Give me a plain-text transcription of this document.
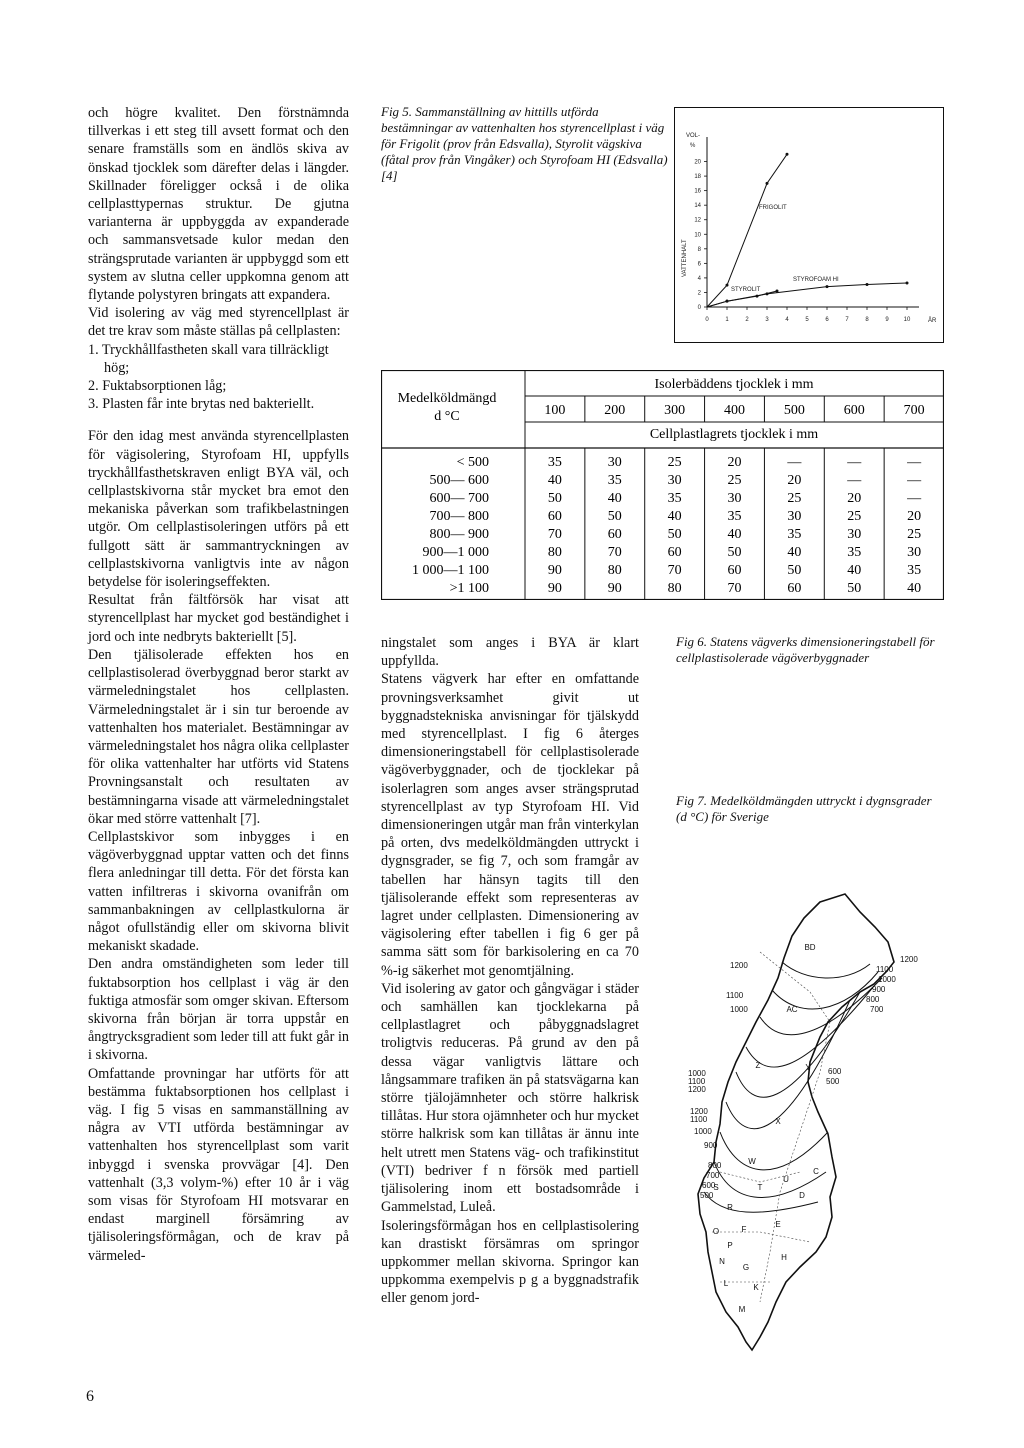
och högre kvalitet. Den förstnämnda tillverkas i ett steg till avsett format och den senare framställs som en ändlös skiva av önskad tjocklek som därefter delas i längder. Skillnader föreligger också i de olika cellplasttypernas struktur. De gjutna varianterna är uppbyggda av expanderade och sammansvetsade kulor medan den strängsprutade varianten är uppbyggd som ett system av slutna celler uppkomna genom att flytande polystyren bringats att expandera.

Vid isolering av väg med styrencellplast är det tre krav som måste ställas på cellplasten:

1. Tryckhållfastheten skall vara tillräckligt hög;
2. Fuktabsorptionen låg;
3. Plasten får inte brytas ned bakteriellt.

För den idag mest använda styrencellplasten för vägisolering, Styrofoam HI, uppfylls tryckhållfasthetskraven enligt BYA väl, och cellplastskivorna står mycket bra emot den mekaniska påverkan som trafikbelastningen utgör. Om cellplastisoleringen utförs på ett fullgott sätt är sammantryckningen av cellplastskivorna vanligtvis inte av någon betydelse för isoleringseffekten.

Resultat från fältförsök har visat att styrencellplast har mycket god beständighet i jord och inte nedbryts bakteriellt [5].

Den tjälisolerade effekten hos en cellplastisolerad överbyggnad beror starkt av värmeledningstalet hos cellplasten. Värmeledningstalet är i sin tur beroende av vattenhalten hos materialet. Bestämningar av värmeledningstalet hos några olika cellplaster för olika vattenhalter har utförts vid Statens Provningsanstalt och resultaten av bestämningarna visade att värmeledningstalet ökar med större vattenhalt [7].

Cellplastskivor som inbygges i en vägöverbyggnad upptar vatten och det finns flera anledningar till detta. För det första kan vatten infiltreras i skivorna ovanifrån om sammanbakningen av cellplastkulorna är något ofullständig eller om skivorna blivit mekaniskt skadade.

Den andra omständigheten som leder till fuktabsorption hos cellplast i väg är den fuktiga atmosfär som omger skivan. Eftersom skivorna från början är torra uppstår en ångtrycksgradient som leder till att fukt går in i skivorna.

Omfattande provningar har utförts för att bestämma fuktabsorptionen hos cellplast i väg. I fig 5 visas en sammanställning av några av VTI utförda bestämningar av vattenhalten hos styrencellplast som varit inbyggd i svenska provvägar [4]. Den vattenhalt (3,3 volym-%) efter 10 år i väg som visas för Styrofoam HI motsvarar en endast marginell försämring av tjälisoleringsförmågan, och de krav på värmeled-

Fig 5. Sammanställning av hittills utförda bestämningar av vattenhalten hos styrencellplast i väg för Frigolit (prov från Edsvalla), Styrolit vägskiva (fåtal prov från Vingåker) och Styrofoam HI (Edsvalla) [4]
VOL-
%
VATTENHALT
0	1	2	3	4	5	6	7	8	9 10
0
2
4
6
8
10
12
14
16
18
20
FRIGOLIT
STYROLIT
STYROFOAM HI
ÅR
Medelköldmängd
d °C
Isolerbäddens tjocklek i mm
Cellplastlagrets tjocklek i mm
100	200	300	400	500	600	700
< 500	35	30	25	20	—	—	—
500— 600	40	35	30	25	20	—	—
600— 700	50	40	35	30	25	20	—
700— 800	60	50	40	35	30	25	20
800— 900	70	60	50	40	35	30	25
900—1 000	80	70	60	50	40	35	30
1 000—1 100	90	80	70	60	50	40	35
>1 100	90	90	80	70	60	50	40

ningstalet som anges i BYA är klart uppfyllda.

Statens vägverk har efter en omfattande provningsverksamhet givit ut byggnadstekniska anvisningar för tjälskydd med styrencellplast. I fig 6 återges dimensioneringstabell för cellplastisolerade vägöverbyggnader, och de tjocklekar på isolerlagren som anges avser strängsprutad styrencellplast av typ Styrofoam HI. Vid dimensioneringen utgår man från vinterkylan på orten, dvs medelköldmängden uttryckt i dygnsgrader, se fig 7, och som framgår av tabellen har hänsyn tagits till den tjälisolerande effekt som representeras av lagret under cellplasten. Dimensionering av vägisolering efter tabellen i fig 6 ger på samma sätt som för barkisolering en ca 70 %-ig säkerhet mot genomtjälning.

Vid isolering av gator och gångvägar i städer och samhällen kan tjocklekarna på cellplastlagret och påbyggnadslagret troligtvis reduceras. På grund av den på dessa vägar vanligtvis lättare och långsammare trafiken än på statsvägarna kan större tjälojämnheter och större halkrisk tillåtas. Hur stora ojämnheter och hur mycket större halkrisk som kan tillåtas är ännu inte helt utrett men Statens väg- och trafikinstitut (VTI) bedriver f n försök med partiell tjälisolering inom ett bostadsområde i Gammelstad, Luleå.

Isoleringsförmågan hos en cellplastisolering kan drastiskt försämras om springor uppkommer mellan skivorna. Springor kan uppkomma exempelvis p g a byggnadstrafik eller genom jord-

Fig 6. Statens vägverks dimensioneringstabell för cellplastisolerade vägöverbyggnader
Fig 7. Medelköldmängden uttryckt i dygnsgrader (d °C) för Sverige
BD
AC
Z	Y
X
W
C
U
T
D
E
F
H
K
L
M
G
N
O
R
S
P
1200
1100
1000
900
800
700
1200
1100
1000
600
500
1000
1100
1200
1200
1100
1000
900
800
700
600
500
6
